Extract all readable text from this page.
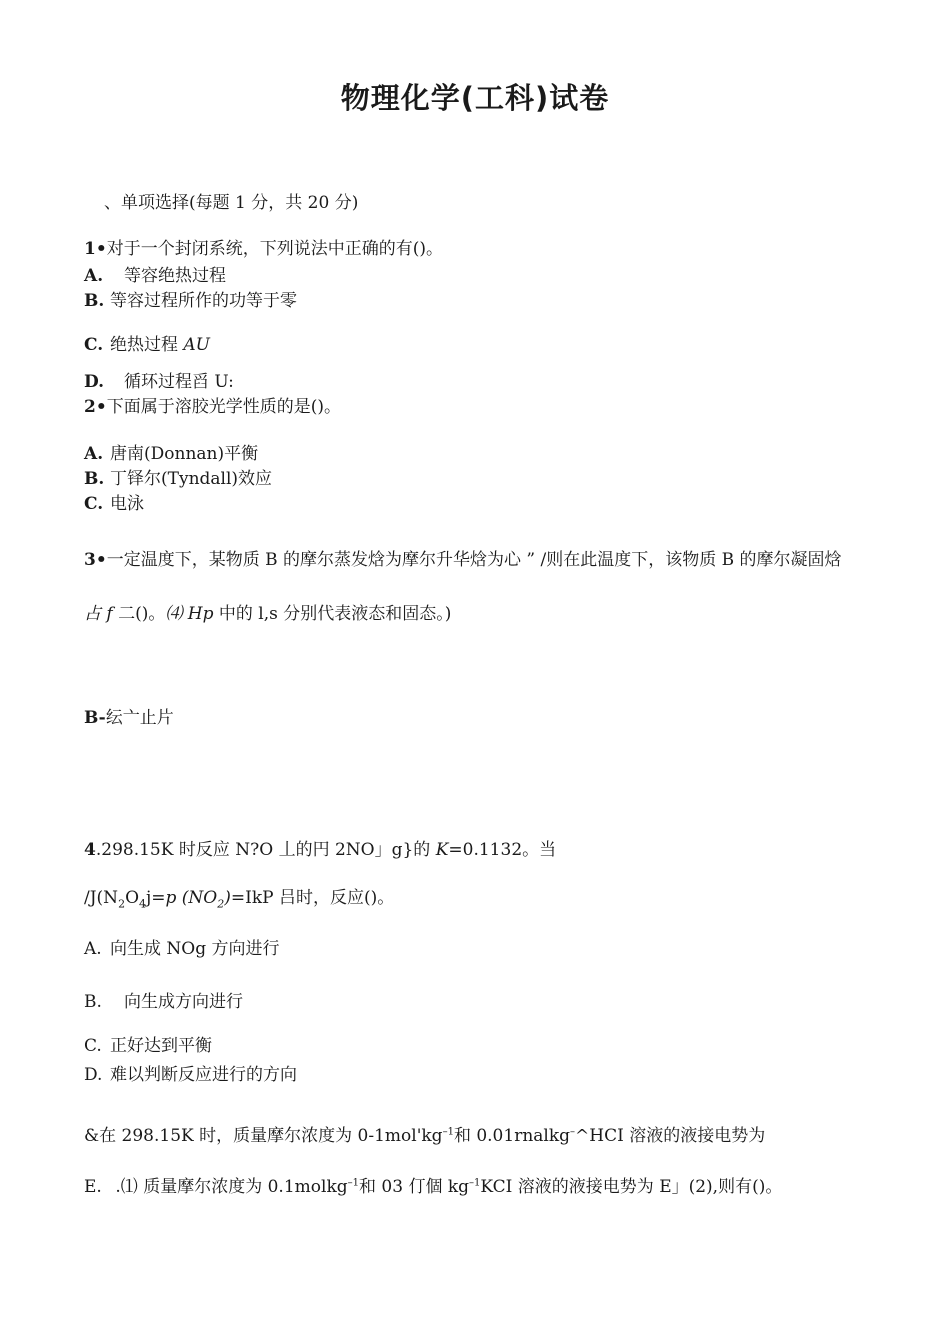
物理化学(工科)试卷
、单项选择(每题 1 分，共 20 分)
1•对于一个封闭系统，下列说法中正确的有()。
A. 等容绝热过程
B. 等容过程所作的功等于零
C. 绝热过程 AU
D. 循环过程舀 U:
2•下面属于溶胶光学性质的是()。
A. 唐南(Donnan)平衡
B. 丁铎尔(Tyndall)效应
C. 电泳
3•一定温度下，某物质 B 的摩尔蒸发焓为摩尔升华焓为心 ” /则在此温度下，该物质 B 的摩尔凝固焓
占 f 二()。⑷ Hp 中的 l,s 分别代表液态和固态。)
B-纭亠止片
4.298.15K 时反应 N?O 丄的円 2NO」g}的 K=0.1132。当
$/J(N_2O_4j=p$ $(NO_2)=IkP$ 吕时，反应()。
A. 向生成 NOg 方向进行
B. 向生成方向进行
C. 正好达到平衡
D. 难以判断反应进行的方向
&在 298.15K 时，质量摩尔浓度为 $0-1mol'kg^{-1}$和 0.01rnalkg–^HCI 溶液的液接电势为
E. .⑴ 质量摩尔浓度为 0.1molkg$^{-1}$和 03 仃個 $kg^{-1}KCI$ 溶液的液接电势为 E」(2),则有()。
